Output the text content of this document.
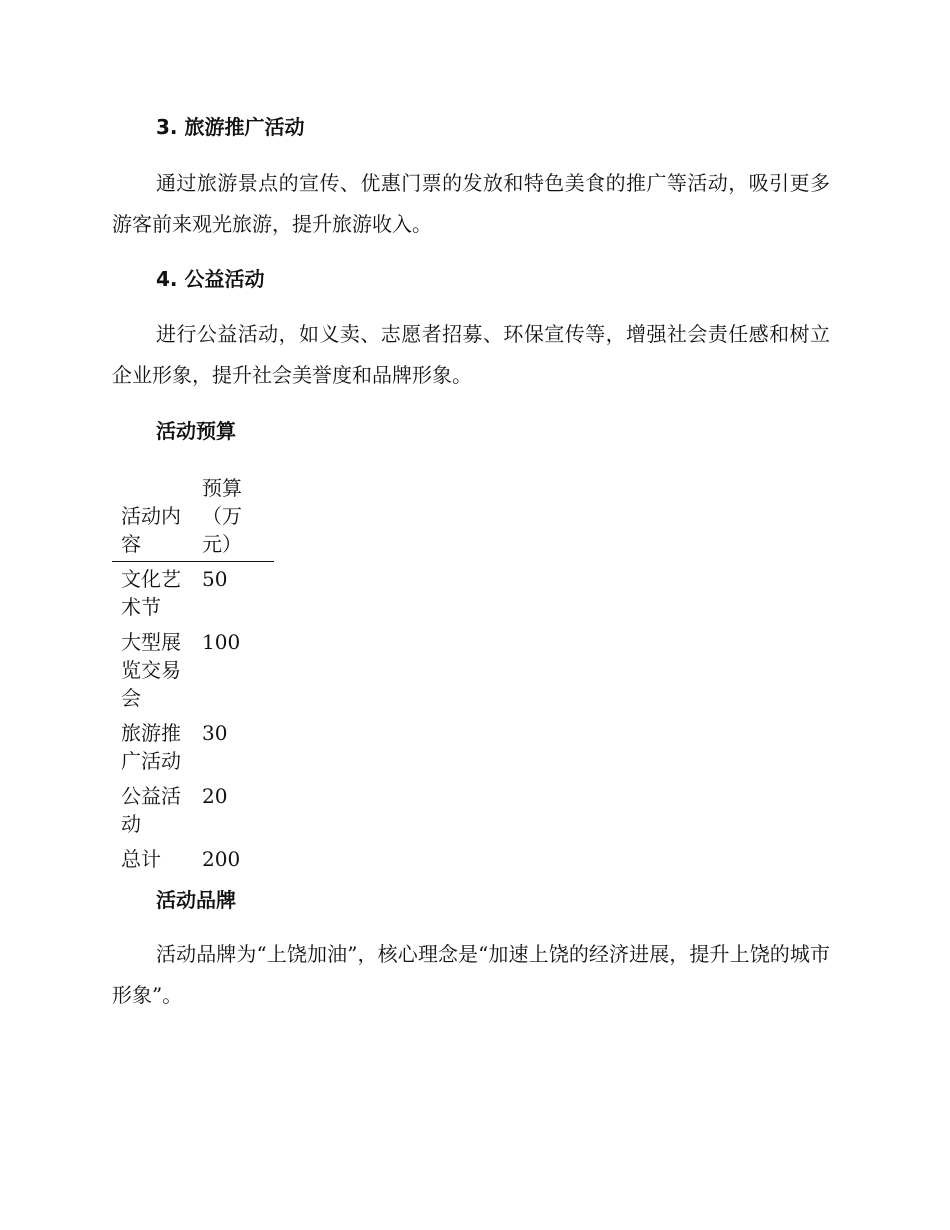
3. 旅游推广活动

通过旅游景点的宣传、优惠门票的发放和特色美食的推广等活动，吸引更多游客前来观光旅游，提升旅游收入。

4. 公益活动

进行公益活动，如义卖、志愿者招募、环保宣传等，增强社会责任感和树立企业形象，提升社会美誉度和品牌形象。

活动预算
活动内容	预算（万元）
文化艺术节	50
大型展览交易会	100
旅游推广活动	30
公益活动	20
总计	200
活动品牌

活动品牌为“上饶加油”，核心理念是“加速上饶的经济进展，提升上饶的城市形象”。
